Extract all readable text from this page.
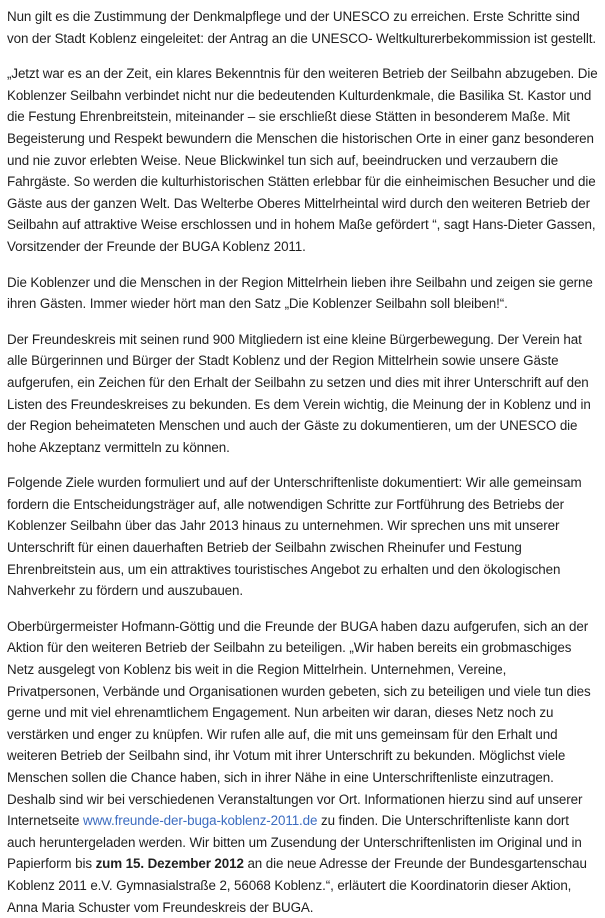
Nun gilt es die Zustimmung der Denkmalpflege und der UNESCO zu erreichen. Erste Schritte sind von der Stadt Koblenz eingeleitet: der Antrag an die UNESCO- Weltkulturerbekommission ist gestellt.

„Jetzt war es an der Zeit, ein klares Bekenntnis für den weiteren Betrieb der Seilbahn abzugeben. Die Koblenzer Seilbahn verbindet nicht nur die bedeutenden Kulturdenkmale, die Basilika St. Kastor und die Festung Ehrenbreitstein, miteinander – sie erschließt diese Stätten in besonderem Maße. Mit Begeisterung und Respekt bewundern die Menschen die historischen Orte in einer ganz besonderen und nie zuvor erlebten Weise. Neue Blickwinkel tun sich auf, beeindrucken und verzaubern die Fahrgäste. So werden die kulturhistorischen Stätten erlebbar für die einheimischen Besucher und die Gäste aus der ganzen Welt. Das Welterbe Oberes Mittelrheintal wird durch den weiteren Betrieb der Seilbahn auf attraktive Weise erschlossen und in hohem Maße gefördert “, sagt Hans-Dieter Gassen, Vorsitzender der Freunde der BUGA Koblenz 2011.

Die Koblenzer und die Menschen in der Region Mittelrhein lieben ihre Seilbahn und zeigen sie gerne ihren Gästen. Immer wieder hört man den Satz „Die Koblenzer Seilbahn soll bleiben!“.

Der Freundeskreis mit seinen rund 900 Mitgliedern ist eine kleine Bürgerbewegung. Der Verein hat alle Bürgerinnen und Bürger der Stadt Koblenz und der Region Mittelrhein sowie unsere Gäste aufgerufen, ein Zeichen für den Erhalt der Seilbahn zu setzen und dies mit ihrer Unterschrift auf den Listen des Freundeskreises zu bekunden. Es dem Verein wichtig, die Meinung der in Koblenz und in der Region beheimateten Menschen und auch der Gäste zu dokumentieren, um der UNESCO die hohe Akzeptanz vermitteln zu können.

Folgende Ziele wurden formuliert und auf der Unterschriftenliste dokumentiert: Wir alle gemeinsam fordern die Entscheidungsträger auf, alle notwendigen Schritte zur Fortführung des Betriebs der Koblenzer Seilbahn über das Jahr 2013 hinaus zu unternehmen. Wir sprechen uns mit unserer Unterschrift für einen dauerhaften Betrieb der Seilbahn zwischen Rheinufer und Festung Ehrenbreitstein aus, um ein attraktives touristisches Angebot zu erhalten und den ökologischen Nahverkehr zu fördern und auszubauen.

Oberbürgermeister Hofmann-Göttig und die Freunde der BUGA haben dazu aufgerufen, sich an der Aktion für den weiteren Betrieb der Seilbahn zu beteiligen. „Wir haben bereits ein grobmaschiges Netz ausgelegt von Koblenz bis weit in die Region Mittelrhein. Unternehmen, Vereine, Privatpersonen, Verbände und Organisationen wurden gebeten, sich zu beteiligen und viele tun dies gerne und mit viel ehrenamtlichem Engagement. Nun arbeiten wir daran, dieses Netz noch zu verstärken und enger zu knüpfen. Wir rufen alle auf, die mit uns gemeinsam für den Erhalt und weiteren Betrieb der Seilbahn sind, ihr Votum mit ihrer Unterschrift zu bekunden. Möglichst viele Menschen sollen die Chance haben, sich in ihrer Nähe in eine Unterschriftenliste einzutragen. Deshalb sind wir bei verschiedenen Veranstaltungen vor Ort. Informationen hierzu sind auf unserer Internetseite www.freunde-der-buga-koblenz-2011.de zu finden. Die Unterschriftenliste kann dort auch heruntergeladen werden. Wir bitten um Zusendung der Unterschriftenlisten im Original und in Papierform bis zum 15. Dezember 2012 an die neue Adresse der Freunde der Bundesgartenschau Koblenz 2011 e.V. Gymnasialstraße 2, 56068 Koblenz.“, erläutert die Koordinatorin dieser Aktion, Anna Maria Schuster vom Freundeskreis der BUGA.
